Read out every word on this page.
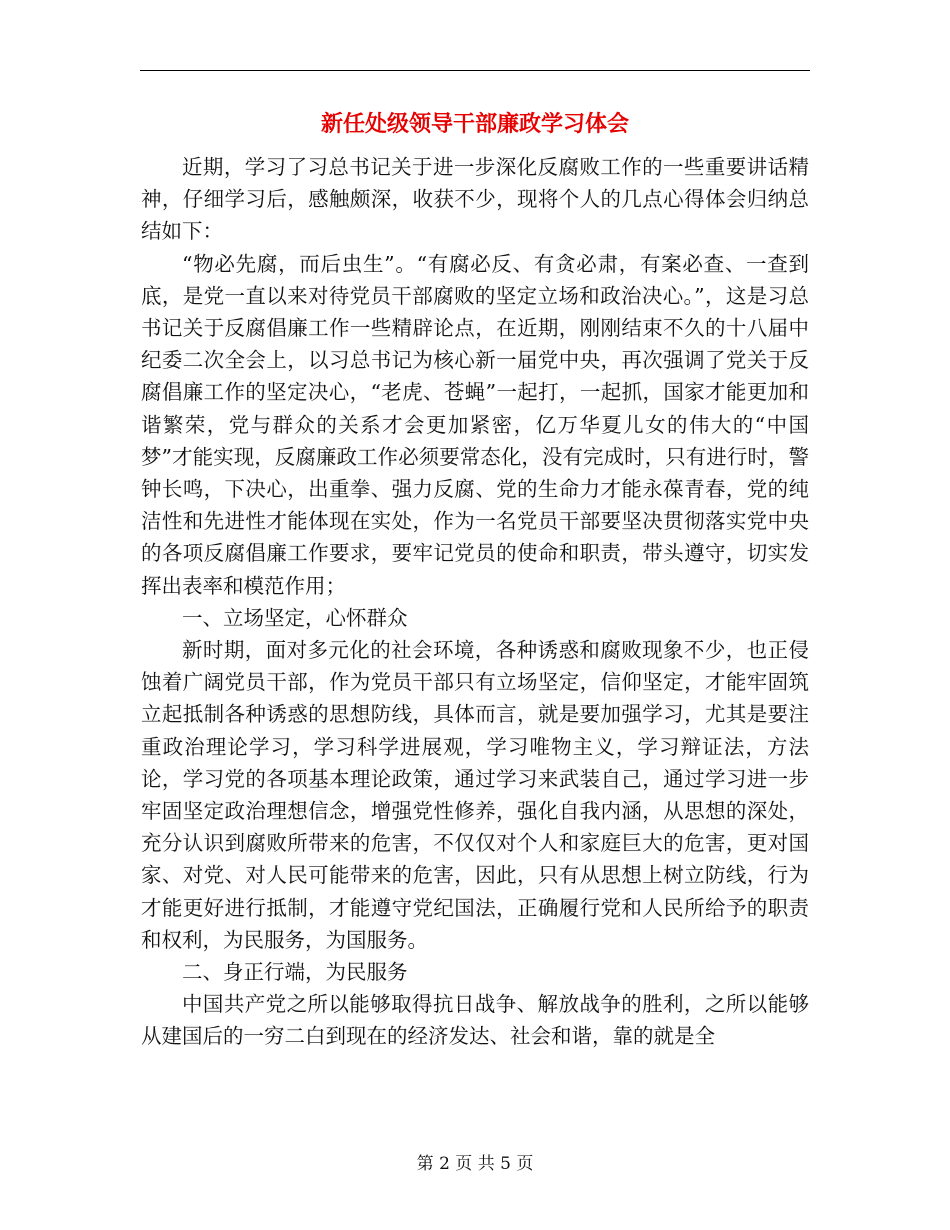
新任处级领导干部廉政学习体会

近期，学习了习总书记关于进一步深化反腐败工作的一些重要讲话精神，仔细学习后，感触颇深，收获不少，现将个人的几点心得体会归纳总结如下：

“物必先腐，而后虫生”。“有腐必反、有贪必肃，有案必查、一查到底，是党一直以来对待党员干部腐败的坚定立场和政治决心。”，这是习总书记关于反腐倡廉工作一些精辟论点，在近期，刚刚结束不久的十八届中纪委二次全会上，以习总书记为核心新一届党中央，再次强调了党关于反腐倡廉工作的坚定决心，“老虎、苍蝇”一起打，一起抓，国家才能更加和谐繁荣，党与群众的关系才会更加紧密，亿万华夏儿女的伟大的“中国梦”才能实现，反腐廉政工作必须要常态化，没有完成时，只有进行时，警钟长鸣，下决心，出重拳、强力反腐、党的生命力才能永葆青春，党的纯洁性和先进性才能体现在实处，作为一名党员干部要坚决贯彻落实党中央的各项反腐倡廉工作要求，要牢记党员的使命和职责，带头遵守，切实发挥出表率和模范作用；

一、立场坚定，心怀群众

新时期，面对多元化的社会环境，各种诱惑和腐败现象不少，也正侵蚀着广阔党员干部，作为党员干部只有立场坚定，信仰坚定，才能牢固筑立起抵制各种诱惑的思想防线，具体而言，就是要加强学习，尤其是要注重政治理论学习，学习科学进展观，学习唯物主义，学习辩证法，方法论，学习党的各项基本理论政策，通过学习来武装自己，通过学习进一步牢固坚定政治理想信念，增强党性修养，强化自我内涵，从思想的深处，充分认识到腐败所带来的危害，不仅仅对个人和家庭巨大的危害，更对国家、对党、对人民可能带来的危害，因此，只有从思想上树立防线，行为才能更好进行抵制，才能遵守党纪国法，正确履行党和人民所给予的职责和权利，为民服务，为国服务。

二、身正行端，为民服务

中国共产党之所以能够取得抗日战争、解放战争的胜利，之所以能够从建国后的一穷二白到现在的经济发达、社会和谐，靠的就是全

第 2 页 共 5 页
